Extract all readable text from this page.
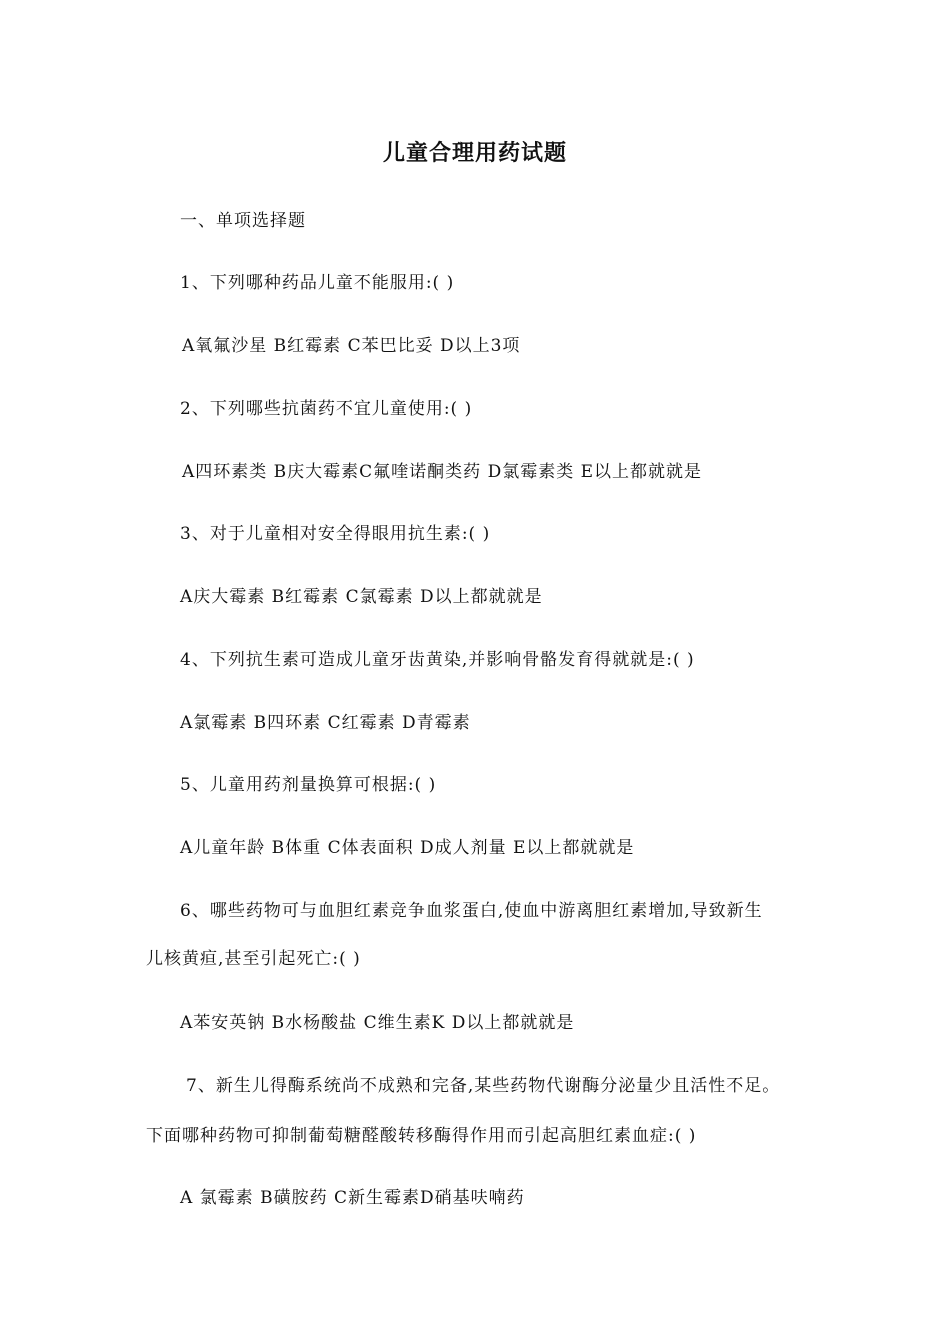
儿童合理用药试题
一、单项选择题
1、下列哪种药品儿童不能服用:( )
A氧氟沙星 B红霉素 C苯巴比妥 D以上3项
2、下列哪些抗菌药不宜儿童使用:( )
A四环素类 B庆大霉素C氟喹诺酮类药 D氯霉素类 E以上都就就是
3、对于儿童相对安全得眼用抗生素:( )
A庆大霉素 B红霉素 C氯霉素 D以上都就就是
4、下列抗生素可造成儿童牙齿黄染,并影响骨骼发育得就就是:( )
A氯霉素 B四环素 C红霉素 D青霉素
5、儿童用药剂量换算可根据:( )
A儿童年龄 B体重 C体表面积 D成人剂量 E以上都就就是
6、哪些药物可与血胆红素竞争血浆蛋白,使血中游离胆红素增加,导致新生
儿核黄疸,甚至引起死亡:( )
A苯安英钠 B水杨酸盐 C维生素K D以上都就就是
7、新生儿得酶系统尚不成熟和完备,某些药物代谢酶分泌量少且活性不足。
下面哪种药物可抑制葡萄糖醛酸转移酶得作用而引起高胆红素血症:( )
A 氯霉素 B磺胺药 C新生霉素D硝基呋喃药
